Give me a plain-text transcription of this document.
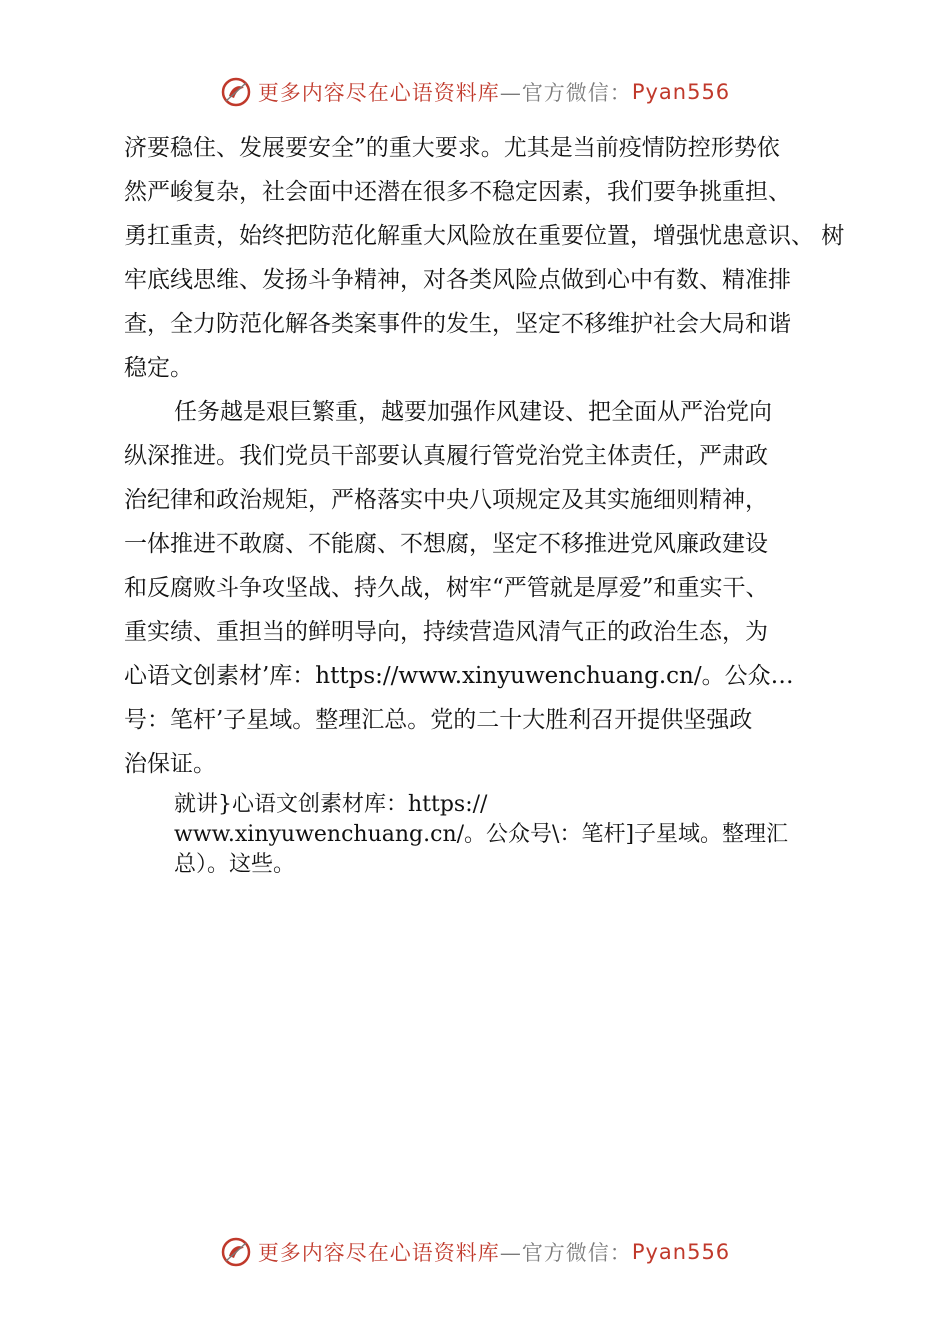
更多内容尽在心语资料库 —官方微信： Pyan556
济要稳住、发展要安全”的重大要求。尤其是当前疫情防控形势依
然严峻复杂，社会面中还潜在很多不稳定因素，我们要争挑重担、
勇扛重责，始终把防范化解重大风险放在重要位置，增强忧患意识、 树
牢底线思维、发扬斗争精神，对各类风险点做到心中有数、精准排
查，全力防范化解各类案事件的发生，坚定不移维护社会大局和谐
稳定。
任务越是艰巨繁重，越要加强作风建设、把全面从严治党向
纵深推进。我们党员干部要认真履行管党治党主体责任，严肃政
治纪律和政治规矩，严格落实中央八项规定及其实施细则精神，
一体推进不敢腐、不能腐、不想腐，坚定不移推进党风廉政建设
和反腐败斗争攻坚战、持久战，树牢“严管就是厚爱”和重实干、
重实绩、重担当的鲜明导向，持续营造风清气正的政治生态，为
心语文创素材’库：https://www.xinyuwenchuang.cn/。公众…
号：笔杆’子星域。整理汇总。党的二十大胜利召开提供坚强政
治保证。
就讲}心语文创素材库：https://
www.xinyuwenchuang.cn/。公众号\：笔杆]子星域。整理汇
总）。这些。
更多内容尽在心语资料库 —官方微信： Pyan556
